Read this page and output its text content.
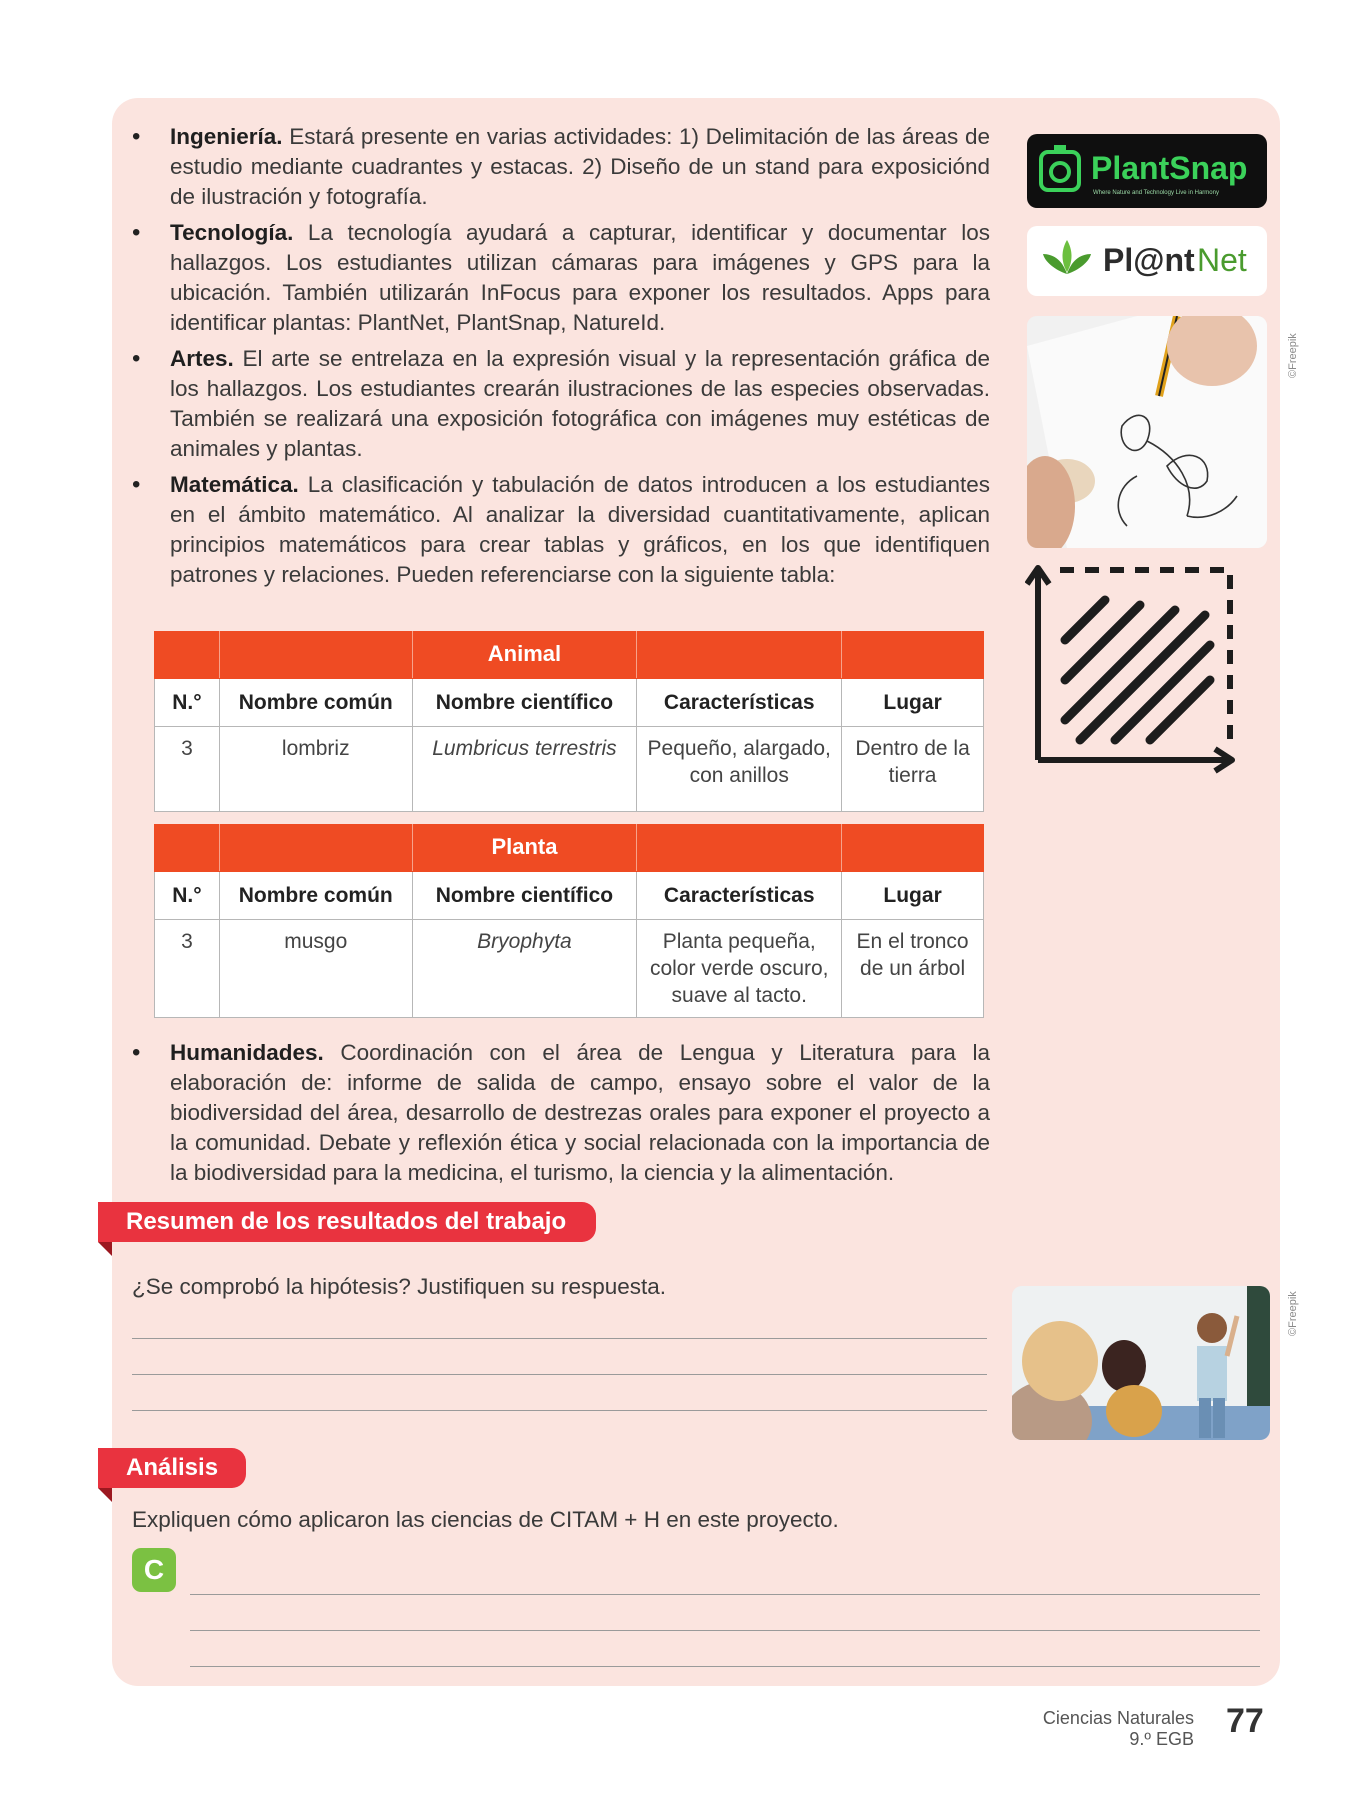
• Ingeniería. Estará presente en varias actividades: 1) Delimitación de las áreas de estudio mediante cuadrantes y estacas. 2) Diseño de un stand para exposiciónd de ilustración y fotografía.
• Tecnología. La tecnología ayudará a capturar, identificar y documentar los hallazgos. Los estudiantes utilizan cámaras para imágenes y GPS para la ubicación. También utilizarán InFocus para exponer los resultados. Apps para identificar plantas: PlantNet, PlantSnap, NatureId.
• Artes. El arte se entrelaza en la expresión visual y la representación gráfica de los hallazgos. Los estudiantes crearán ilustraciones de las especies observadas. También se realizará una exposición fotográfica con imágenes muy estéticas de animales y plantas.
• Matemática. La clasificación y tabulación de datos introducen a los estudiantes en el ámbito matemático. Al analizar la diversidad cuantitativamente, aplican principios matemáticos para crear tablas y gráficos, en los que identifiquen patrones y relaciones. Pueden referenciarse con la siguiente tabla:
		Animal		
N.°	Nombre común	Nombre científico	Características	Lugar
3	lombriz	Lumbricus terrestris	Pequeño, alargado, con anillos	Dentro de la tierra
		Planta		
N.°	Nombre común	Nombre científico	Características	Lugar
3	musgo	Bryophyta	Planta pequeña, color verde oscuro, suave al tacto.	En el tronco de un árbol
• Humanidades. Coordinación con el área de Lengua y Literatura para la elaboración de: informe de salida de campo, ensayo sobre el valor de la biodiversidad del área, desarrollo de destrezas orales para exponer el proyecto a la comunidad. Debate y reflexión ética y social relacionada con la importancia de la biodiversidad para la medicina, el turismo, la ciencia y la alimentación.
PlantSnap
Where Nature and Technology Live in Harmony
Pl@nt Net
©Freepik
©Freepik
Resumen de los resultados del trabajo
¿Se comprobó la hipótesis? Justifiquen su respuesta.
Análisis
Expliquen cómo aplicaron las ciencias de CITAM + H en este proyecto.
C
Ciencias Naturales
9.º EGB 77
